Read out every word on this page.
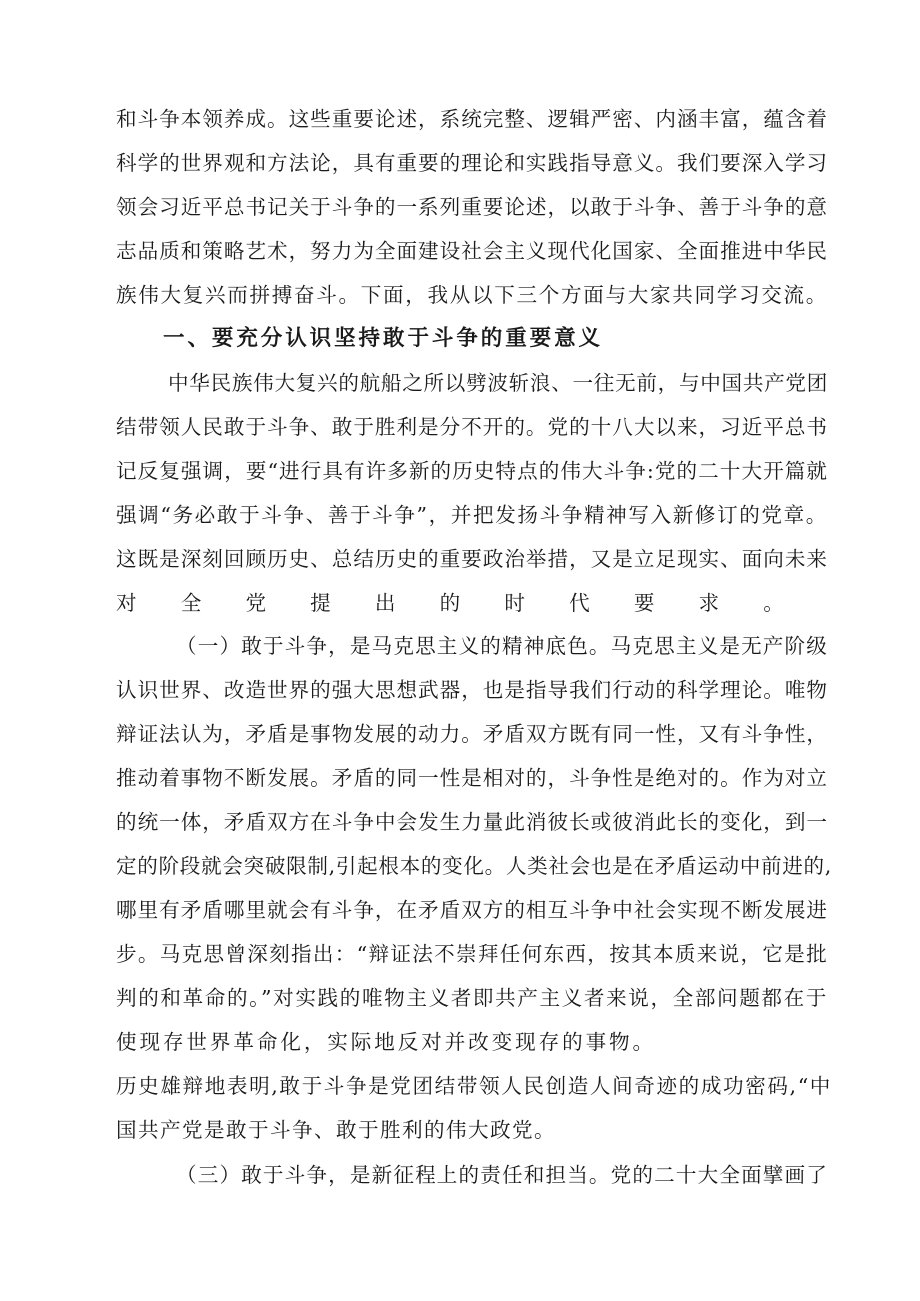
和斗争本领养成。这些重要论述，系统完整、逻辑严密、内涵丰富，蕴含着
科学的世界观和方法论，具有重要的理论和实践指导意义。我们要深入学习
领会习近平总书记关于斗争的一系列重要论述，以敢于斗争、善于斗争的意
志品质和策略艺术，努力为全面建设社会主义现代化国家、全面推进中华民
族伟大复兴而拼搏奋斗。下面，我从以下三个方面与大家共同学习交流。
一、要充分认识坚持敢于斗争的重要意义
中华民族伟大复兴的航船之所以劈波斩浪、一往无前，与中国共产党团
结带领人民敢于斗争、敢于胜利是分不开的。党的十八大以来，习近平总书
记反复强调，要“进行具有许多新的历史特点的伟大斗争:党的二十大开篇就
强调“务必敢于斗争、善于斗争”，并把发扬斗争精神写入新修订的党章。
这既是深刻回顾历史、总结历史的重要政治举措，又是立足现实、面向未来
对全党提出的时代要求。
（一）敢于斗争，是马克思主义的精神底色。马克思主义是无产阶级
认识世界、改造世界的强大思想武器，也是指导我们行动的科学理论。唯物
辩证法认为，矛盾是事物发展的动力。矛盾双方既有同一性，又有斗争性，
推动着事物不断发展。矛盾的同一性是相对的，斗争性是绝对的。作为对立
的统一体，矛盾双方在斗争中会发生力量此消彼长或彼消此长的变化，到一
定的阶段就会突破限制,引起根本的变化。人类社会也是在矛盾运动中前进的,
哪里有矛盾哪里就会有斗争，在矛盾双方的相互斗争中社会实现不断发展进
步。马克思曾深刻指出：“辩证法不崇拜任何东西，按其本质来说，它是批
判的和革命的。”对实践的唯物主义者即共产主义者来说，全部问题都在于
使现存世界革命化，实际地反对并改变现存的事物。
历史雄辩地表明,敢于斗争是党团结带领人民创造人间奇迹的成功密码,“中
国共产党是敢于斗争、敢于胜利的伟大政党。
（三）敢于斗争，是新征程上的责任和担当。党的二十大全面擘画了
